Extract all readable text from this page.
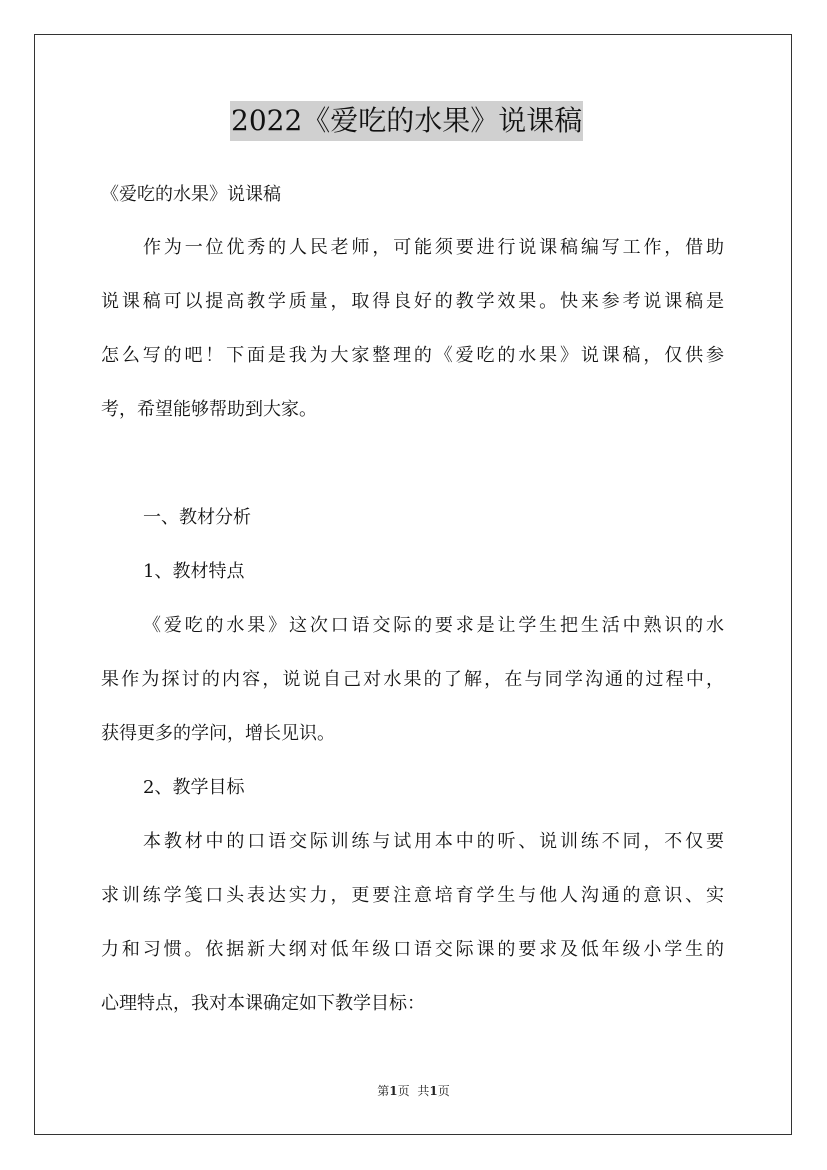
2022《爱吃的水果》说课稿
《爱吃的水果》说课稿
作为一位优秀的人民老师，可能须要进行说课稿编写工作，借助
说课稿可以提高教学质量，取得良好的教学效果。快来参考说课稿是
怎么写的吧！下面是我为大家整理的《爱吃的水果》说课稿，仅供参
考，希望能够帮助到大家。
一、教材分析
1、教材特点
《爱吃的水果》这次口语交际的要求是让学生把生活中熟识的水
果作为探讨的内容，说说自己对水果的了解，在与同学沟通的过程中，
获得更多的学问，增长见识。
2、教学目标
本教材中的口语交际训练与试用本中的听、说训练不同，不仅要
求训练学笺口头表达实力，更要注意培育学生与他人沟通的意识、实
力和习惯。依据新大纲对低年级口语交际课的要求及低年级小学生的
心理特点，我对本课确定如下教学目标：
第1页 共1页
